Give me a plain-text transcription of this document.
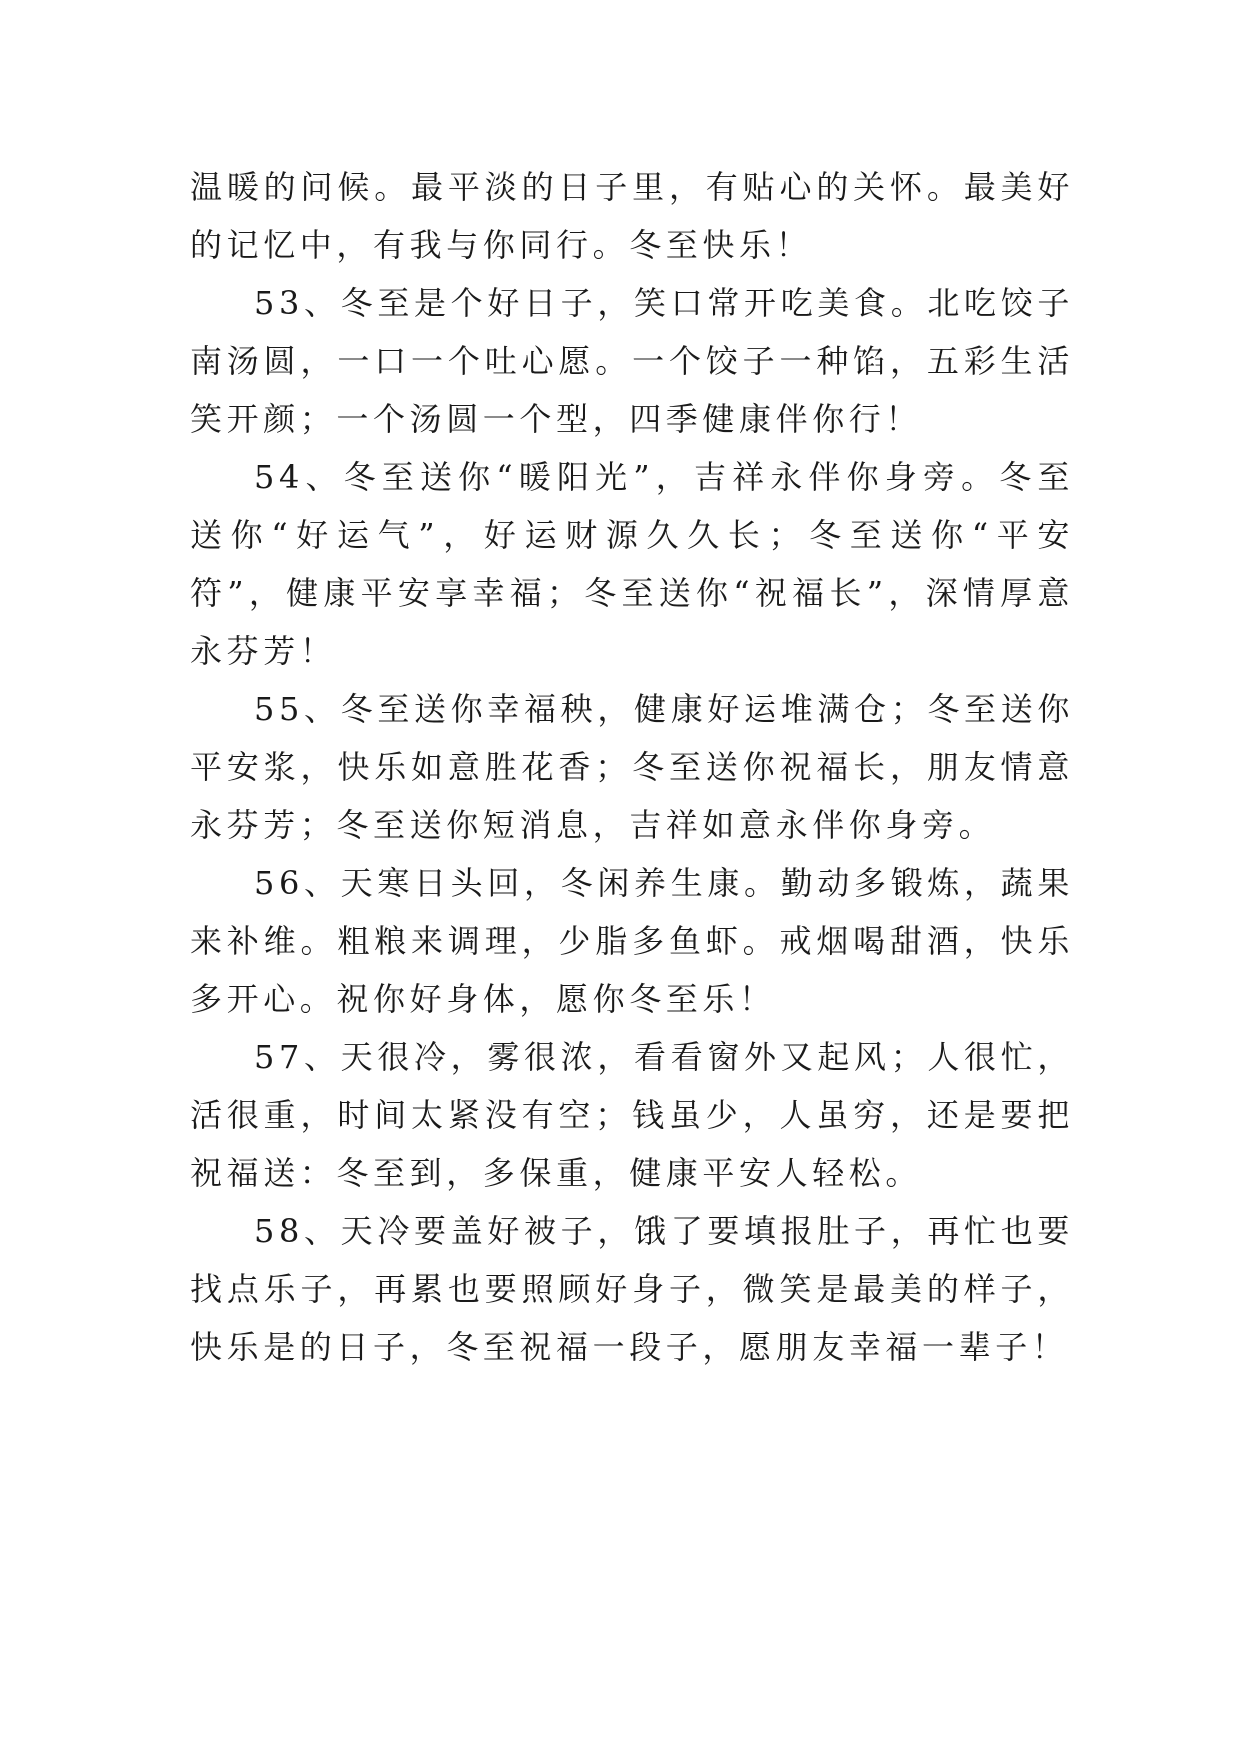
温暖的问候。最平淡的日子里，有贴心的关怀。最美好的记忆中，有我与你同行。冬至快乐！

53、冬至是个好日子，笑口常开吃美食。北吃饺子南汤圆，一口一个吐心愿。一个饺子一种馅，五彩生活笑开颜；一个汤圆一个型，四季健康伴你行！

54、冬至送你“暖阳光”，吉祥永伴你身旁。冬至送你“好运气”，好运财源久久长；冬至送你“平安符”，健康平安享幸福；冬至送你“祝福长”，深情厚意永芬芳！

55、冬至送你幸福秧，健康好运堆满仓；冬至送你平安浆，快乐如意胜花香；冬至送你祝福长，朋友情意永芬芳；冬至送你短消息，吉祥如意永伴你身旁。

56、天寒日头回，冬闲养生康。勤动多锻炼，蔬果来补维。粗粮来调理，少脂多鱼虾。戒烟喝甜酒，快乐多开心。祝你好身体，愿你冬至乐！

57、天很冷，雾很浓，看看窗外又起风；人很忙，活很重，时间太紧没有空；钱虽少，人虽穷，还是要把祝福送：冬至到，多保重，健康平安人轻松。

58、天冷要盖好被子，饿了要填报肚子，再忙也要找点乐子，再累也要照顾好身子，微笑是最美的样子，快乐是的日子，冬至祝福一段子，愿朋友幸福一辈子！
